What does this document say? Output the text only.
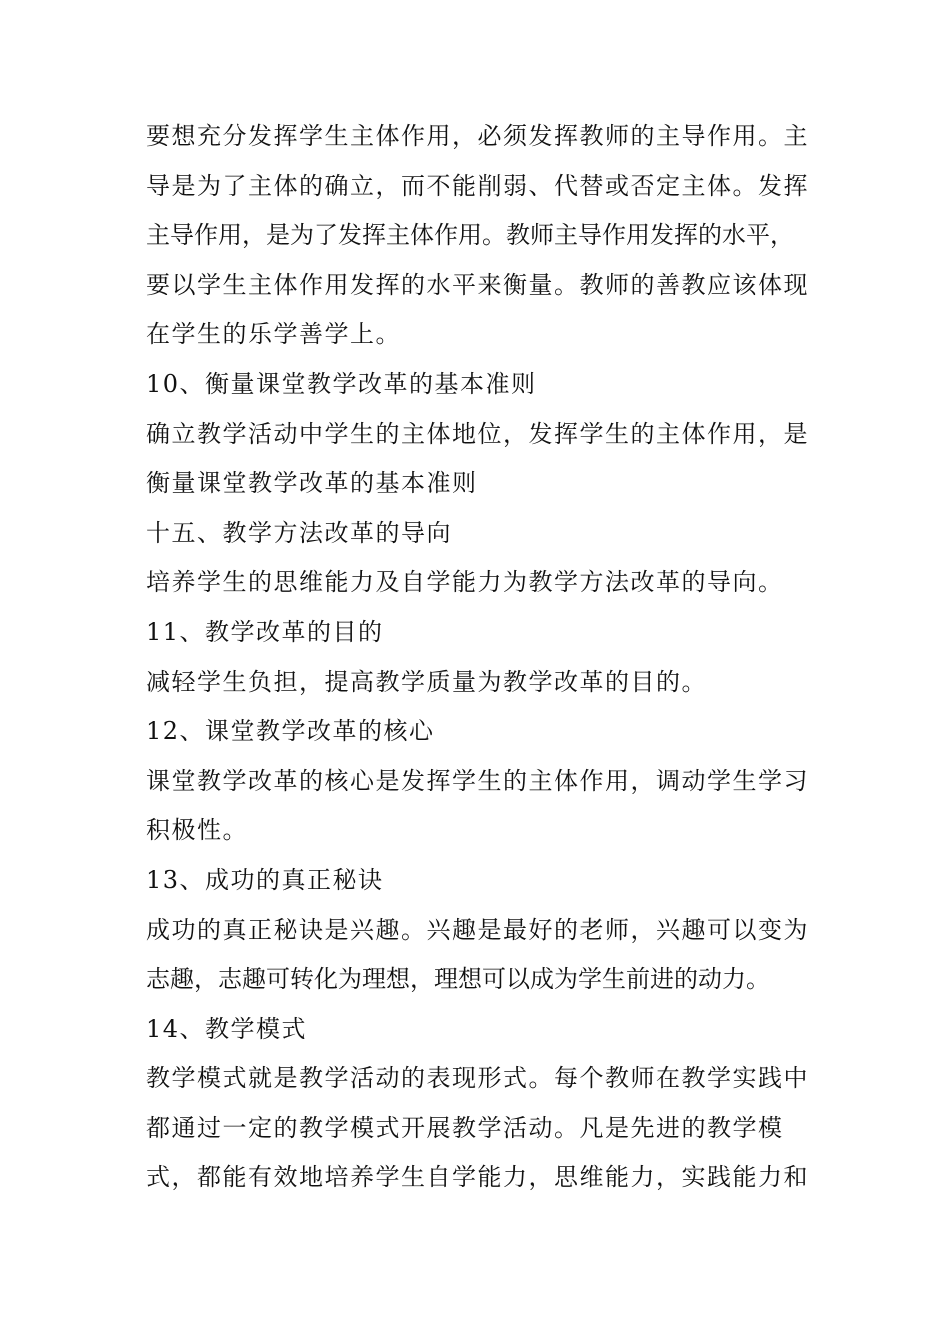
要想充分发挥学生主体作用，必须发挥教师的主导作用。主
导是为了主体的确立，而不能削弱、代替或否定主体。发挥
主导作用，是为了发挥主体作用。教师主导作用发挥的水平，
要以学生主体作用发挥的水平来衡量。教师的善教应该体现
在学生的乐学善学上。
10、衡量课堂教学改革的基本准则
确立教学活动中学生的主体地位，发挥学生的主体作用，是
衡量课堂教学改革的基本准则
十五、教学方法改革的导向
培养学生的思维能力及自学能力为教学方法改革的导向。
11、教学改革的目的
减轻学生负担，提高教学质量为教学改革的目的。
12、课堂教学改革的核心
课堂教学改革的核心是发挥学生的主体作用，调动学生学习
积极性。
13、成功的真正秘诀
成功的真正秘诀是兴趣。兴趣是最好的老师，兴趣可以变为
志趣，志趣可转化为理想，理想可以成为学生前进的动力。
14、教学模式
教学模式就是教学活动的表现形式。每个教师在教学实践中
都通过一定的教学模式开展教学活动。凡是先进的教学模
式，都能有效地培养学生自学能力，思维能力，实践能力和
